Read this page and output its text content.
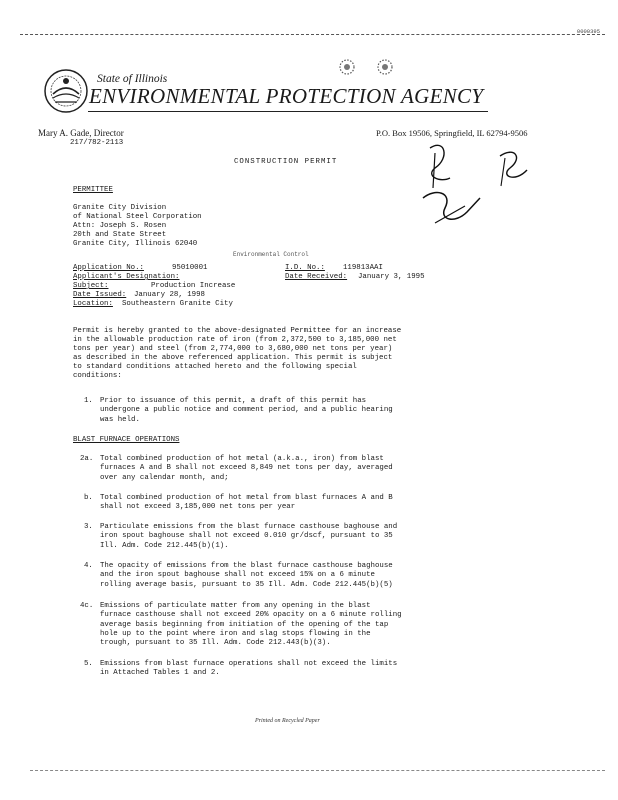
0000395
State of Illinois
ENVIRONMENTAL PROTECTION AGENCY
Mary A. Gade, Director	P.O. Box 19506, Springfield, IL 62794-9506
217/782-2113
CONSTRUCTION PERMIT
PERMITTEE
Granite City Division
of National Steel Corporation
Attn: Joseph S. Rosen
20th and State Street
Granite City, Illinois 62040
Environmental Control
Application No.:	95010001	I.D. No.: 119813AAI
Applicant's Designation:	Date Received: January 3, 1995
Subject:	Production Increase
Date Issued: January 28, 1998
Location: Southeastern Granite City
Permit is hereby granted to the above-designated Permittee for an increase
in the allowable production rate of iron (from 2,372,500 to 3,185,000 net
tons per year) and steel (from 2,774,000 to 3,680,000 net tons per year)
as described in the above referenced application. This permit is subject
to standard conditions attached hereto and the following special
conditions:
1. Prior to issuance of this permit, a draft of this permit has
undergone a public notice and comment period, and a public hearing
was held.
BLAST FURNACE OPERATIONS
2a. Total combined production of hot metal (a.k.a., iron) from blast
furnaces A and B shall not exceed 8,849 net tons per day, averaged
over any calendar month, and;
b. Total combined production of hot metal from blast furnaces A and B
shall not exceed 3,185,000 net tons per year
3. Particulate emissions from the blast furnace casthouse baghouse and
iron spout baghouse shall not exceed 0.010 gr/dscf, pursuant to 35
Ill. Adm. Code 212.445(b)(1).
4. The opacity of emissions from the blast furnace casthouse baghouse
and the iron spout baghouse shall not exceed 15% on a 6 minute
rolling average basis, pursuant to 35 Ill. Adm. Code 212.445(b)(5)
4c. Emissions of particulate matter from any opening in the blast
furnace casthouse shall not exceed 20% opacity on a 6 minute rolling
average basis beginning from initiation of the opening of the tap
hole up to the point where iron and slag stops flowing in the
trough, pursuant to 35 Ill. Adm. Code 212.443(b)(3).
5. Emissions from blast furnace operations shall not exceed the limits
in Attached Tables 1 and 2.
Printed on Recycled Paper
